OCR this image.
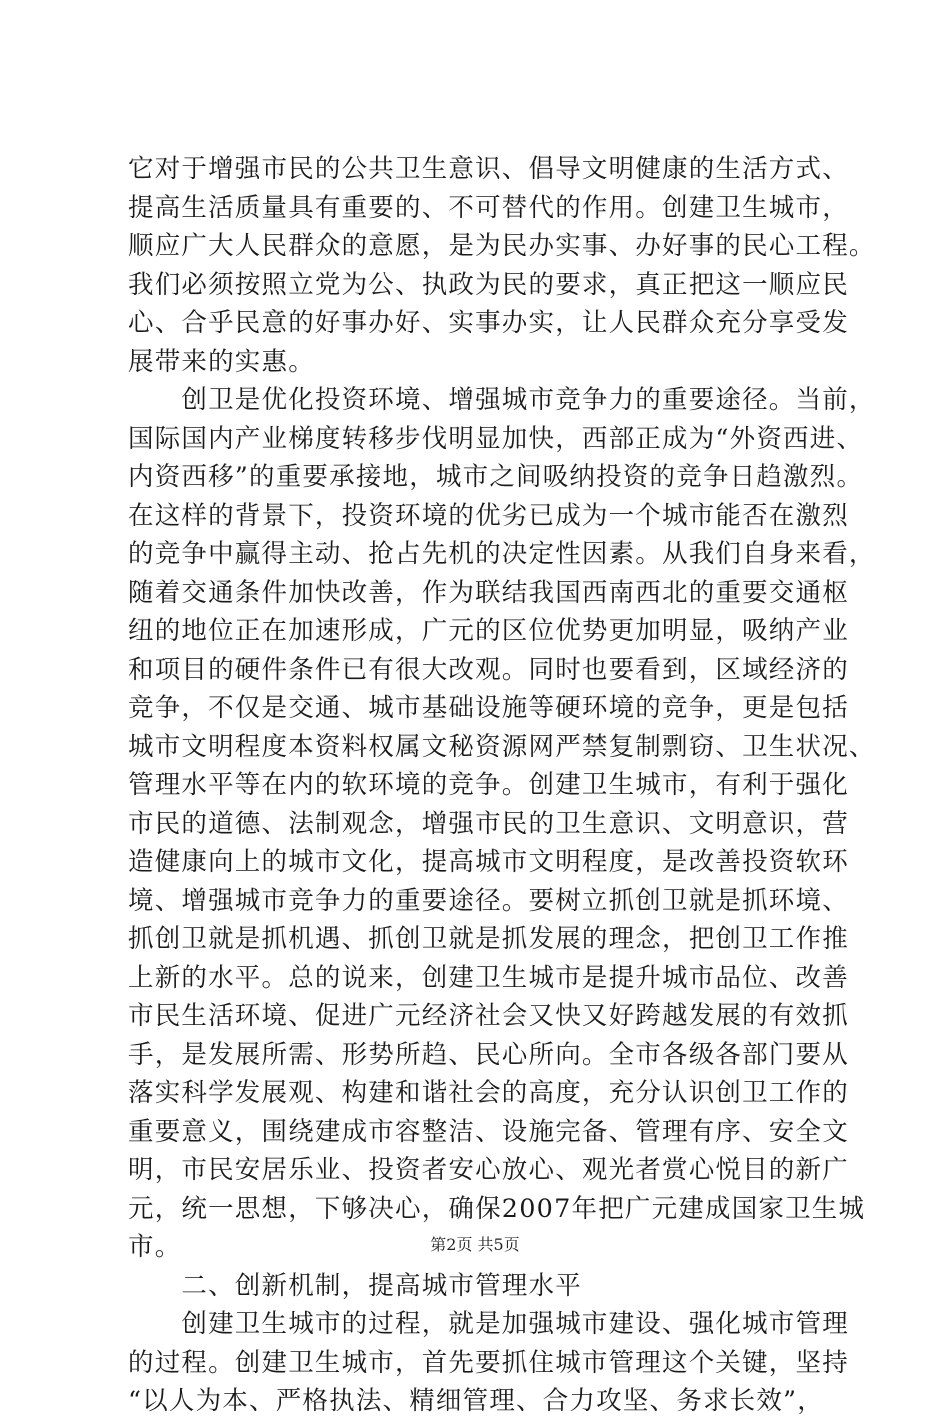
它对于增强市民的公共卫生意识、倡导文明健康的生活方式、
提高生活质量具有重要的、不可替代的作用。创建卫生城市，
顺应广大人民群众的意愿，是为民办实事、办好事的民心工程。
我们必须按照立党为公、执政为民的要求，真正把这一顺应民
心、合乎民意的好事办好、实事办实，让人民群众充分享受发
展带来的实惠。
　　创卫是优化投资环境、增强城市竞争力的重要途径。当前，
国际国内产业梯度转移步伐明显加快，西部正成为“外资西进、
内资西移”的重要承接地，城市之间吸纳投资的竞争日趋激烈。
在这样的背景下，投资环境的优劣已成为一个城市能否在激烈
的竞争中赢得主动、抢占先机的决定性因素。从我们自身来看，
随着交通条件加快改善，作为联结我国西南西北的重要交通枢
纽的地位正在加速形成，广元的区位优势更加明显，吸纳产业
和项目的硬件条件已有很大改观。同时也要看到，区域经济的
竞争，不仅是交通、城市基础设施等硬环境的竞争，更是包括
城市文明程度本资料权属文秘资源网严禁复制剽窃、卫生状况、
管理水平等在内的软环境的竞争。创建卫生城市，有利于强化
市民的道德、法制观念，增强市民的卫生意识、文明意识，营
造健康向上的城市文化，提高城市文明程度，是改善投资软环
境、增强城市竞争力的重要途径。要树立抓创卫就是抓环境、
抓创卫就是抓机遇、抓创卫就是抓发展的理念，把创卫工作推
上新的水平。总的说来，创建卫生城市是提升城市品位、改善
市民生活环境、促进广元经济社会又快又好跨越发展的有效抓
手，是发展所需、形势所趋、民心所向。全市各级各部门要从
落实科学发展观、构建和谐社会的高度，充分认识创卫工作的
重要意义，围绕建成市容整洁、设施完备、管理有序、安全文
明，市民安居乐业、投资者安心放心、观光者赏心悦目的新广
元，统一思想，下够决心，确保2007年把广元建成国家卫生城
市。
　　二、创新机制，提高城市管理水平
　　创建卫生城市的过程，就是加强城市建设、强化城市管理
的过程。创建卫生城市，首先要抓住城市管理这个关键，坚持
“以人为本、严格执法、精细管理、合力攻坚、务求长效”，
第2页 共5页
